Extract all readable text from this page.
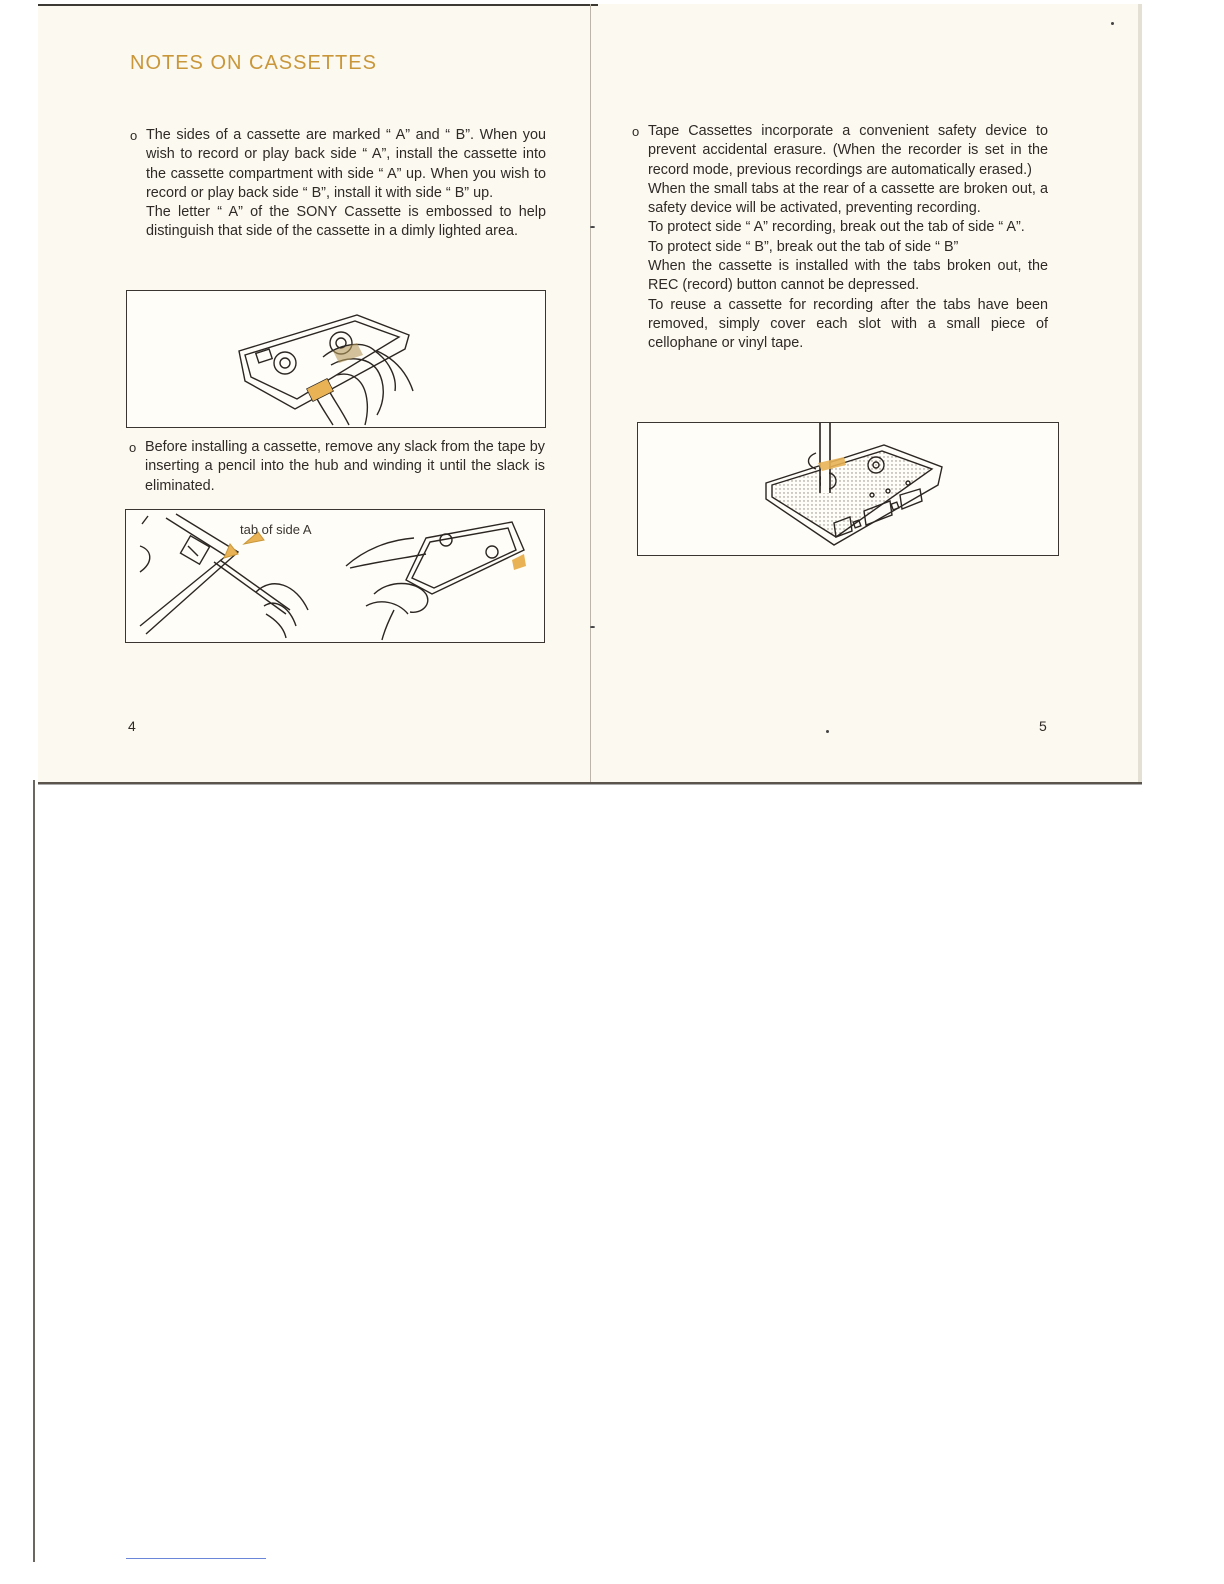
NOTES ON CASSETTES
o The sides of a cassette are marked “ A” and “ B”. When you wish to record or play back side “ A”, install the cassette into the cassette compartment with side “ A” up. When you wish to record or play back side “ B”, install it with side “ B” up.

The letter “ A” of the SONY Cassette is embossed to help distinguish that side of the cassette in a dimly lighted area.

o Before installing a cassette, remove any slack from the tape by inserting a pencil into the hub and winding it until the slack is eliminated.

tab of side A
4
o Tape Cassettes incorporate a convenient safety device to prevent accidental erasure. (When the recorder is set in the record mode, previous recordings are automatically erased.)

When the small tabs at the rear of a cassette are broken out, a safety device will be activated, preventing recording.

To protect side “ A” recording, break out the tab of side “ A”.

To protect side “ B”, break out the tab of side “ B”

When the cassette is installed with the tabs broken out, the REC (record) button cannot be depressed.

To reuse a cassette for recording after the tabs have been removed, simply cover each slot with a small piece of cellophane or vinyl tape.

5
